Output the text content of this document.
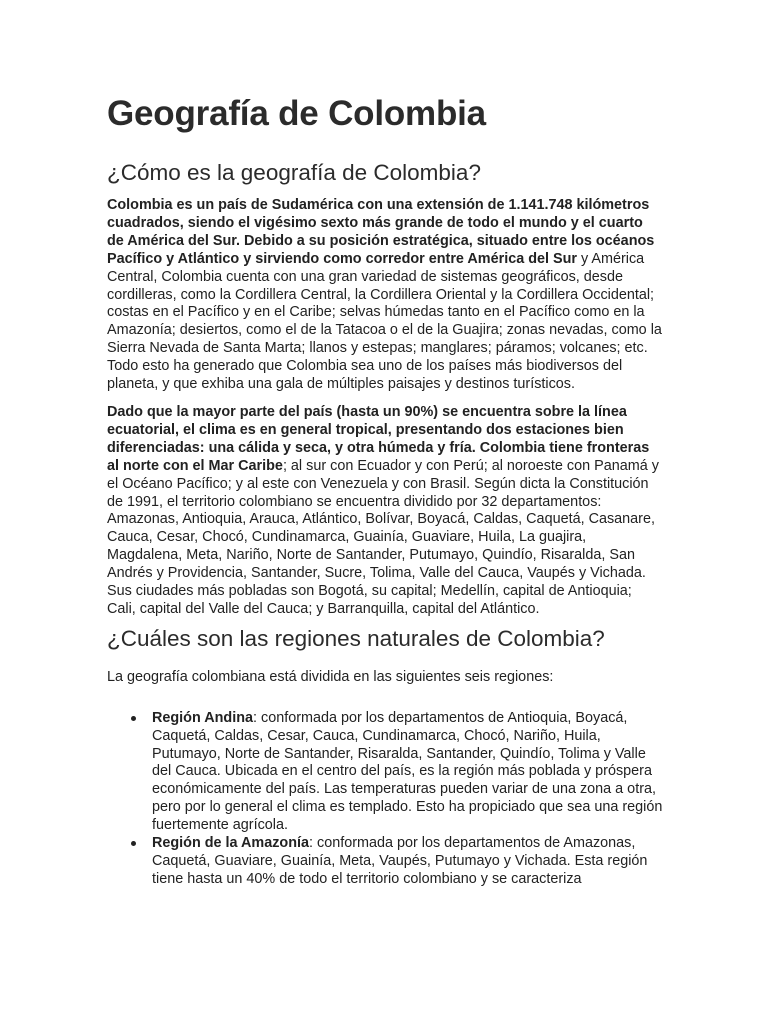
Geografía de Colombia
¿Cómo es la geografía de Colombia?

Colombia es un país de Sudamérica con una extensión de 1.141.748 kilómetros cuadrados, siendo el vigésimo sexto más grande de todo el mundo y el cuarto de América del Sur. Debido a su posición estratégica, situado entre los océanos Pacífico y Atlántico y sirviendo como corredor entre América del Sur y América Central, Colombia cuenta con una gran variedad de sistemas geográficos, desde cordilleras, como la Cordillera Central, la Cordillera Oriental y la Cordillera Occidental; costas en el Pacífico y en el Caribe; selvas húmedas tanto en el Pacífico como en la Amazonía; desiertos, como el de la Tatacoa o el de la Guajira; zonas nevadas, como la Sierra Nevada de Santa Marta; llanos y estepas; manglares; páramos; volcanes; etc. Todo esto ha generado que Colombia sea uno de los países más biodiversos del planeta, y que exhiba una gala de múltiples paisajes y destinos turísticos.

Dado que la mayor parte del país (hasta un 90%) se encuentra sobre la línea ecuatorial, el clima es en general tropical, presentando dos estaciones bien diferenciadas: una cálida y seca, y otra húmeda y fría. Colombia tiene fronteras al norte con el Mar Caribe; al sur con Ecuador y con Perú; al noroeste con Panamá y el Océano Pacífico; y al este con Venezuela y con Brasil. Según dicta la Constitución de 1991, el territorio colombiano se encuentra dividido por 32 departamentos: Amazonas, Antioquia, Arauca, Atlántico, Bolívar, Boyacá, Caldas, Caquetá, Casanare, Cauca, Cesar, Chocó, Cundinamarca, Guainía, Guaviare, Huila, La guajira, Magdalena, Meta, Nariño, Norte de Santander, Putumayo, Quindío, Risaralda, San Andrés y Providencia, Santander, Sucre, Tolima, Valle del Cauca, Vaupés y Vichada. Sus ciudades más pobladas son Bogotá, su capital; Medellín, capital de Antioquia; Cali, capital del Valle del Cauca; y Barranquilla, capital del Atlántico.

¿Cuáles son las regiones naturales de Colombia?

La geografía colombiana está dividida en las siguientes seis regiones:

Región Andina: conformada por los departamentos de Antioquia, Boyacá, Caquetá, Caldas, Cesar, Cauca, Cundinamarca, Chocó, Nariño, Huila, Putumayo, Norte de Santander, Risaralda, Santander, Quindío, Tolima y Valle del Cauca. Ubicada en el centro del país, es la región más poblada y próspera económicamente del país. Las temperaturas pueden variar de una zona a otra, pero por lo general el clima es templado. Esto ha propiciado que sea una región fuertemente agrícola.
Región de la Amazonía: conformada por los departamentos de Amazonas, Caquetá, Guaviare, Guainía, Meta, Vaupés, Putumayo y Vichada. Esta región tiene hasta un 40% de todo el territorio colombiano y se caracteriza
